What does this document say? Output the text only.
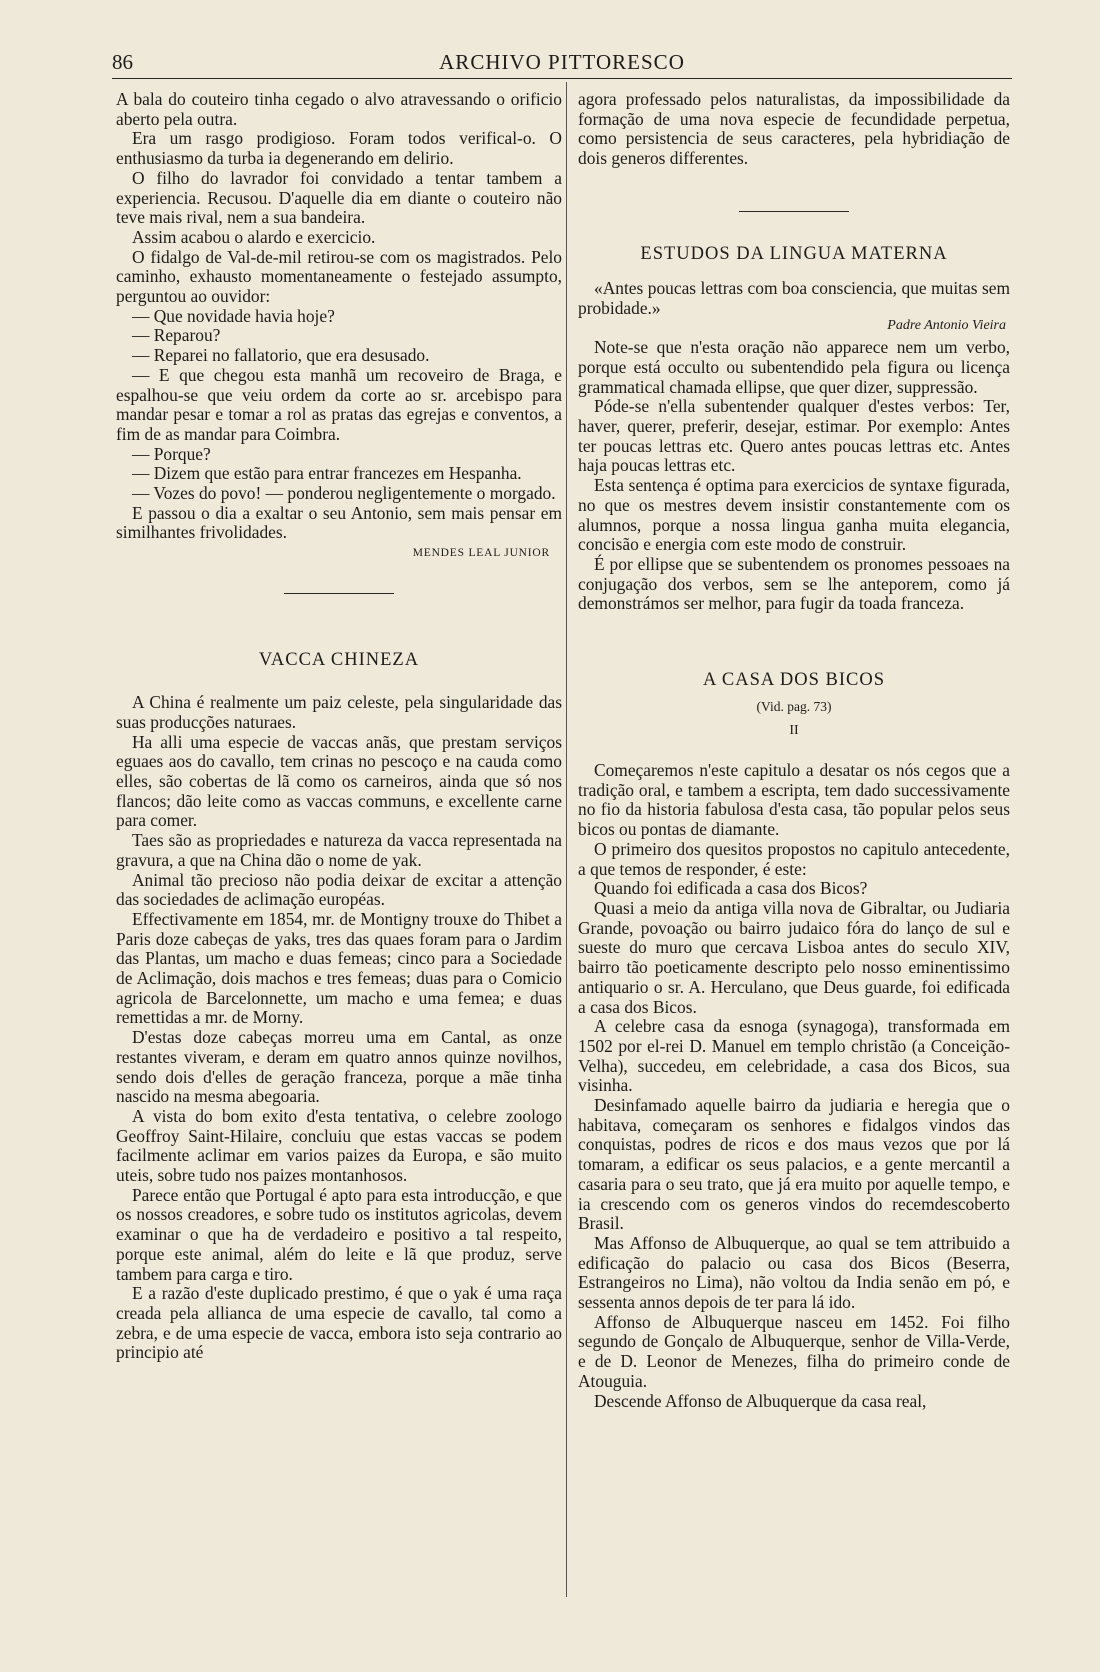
86	ARCHIVO PITTORESCO

A bala do couteiro tinha cegado o alvo atravessando o orificio aberto pela outra.

Era um rasgo prodigioso. Foram todos verifical-o. O enthusiasmo da turba ia degenerando em delirio.

O filho do lavrador foi convidado a tentar tambem a experiencia. Recusou. D'aquelle dia em diante o couteiro não teve mais rival, nem a sua bandeira.

Assim acabou o alardo e exercicio.

O fidalgo de Val-de-mil retirou-se com os magistrados. Pelo caminho, exhausto momentaneamente o festejado assumpto, perguntou ao ouvidor:

— Que novidade havia hoje?

— Reparou?

— Reparei no fallatorio, que era desusado.

— E que chegou esta manhã um recoveiro de Braga, e espalhou-se que veiu ordem da corte ao sr. arcebispo para mandar pesar e tomar a rol as pratas das egrejas e conventos, a fim de as mandar para Coimbra.

— Porque?

— Dizem que estão para entrar francezes em Hespanha.

— Vozes do povo! — ponderou negligentemente o morgado.

E passou o dia a exaltar o seu Antonio, sem mais pensar em similhantes frivolidades.

MENDES LEAL JUNIOR
VACCA CHINEZA

A China é realmente um paiz celeste, pela singularidade das suas producções naturaes.

Ha alli uma especie de vaccas anãs, que prestam serviços eguaes aos do cavallo, tem crinas no pescoço e na cauda como elles, são cobertas de lã como os carneiros, ainda que só nos flancos; dão leite como as vaccas communs, e excellente carne para comer.

Taes são as propriedades e natureza da vacca representada na gravura, a que na China dão o nome de yak.

Animal tão precioso não podia deixar de excitar a attenção das sociedades de aclimação européas.

Effectivamente em 1854, mr. de Montigny trouxe do Thibet a Paris doze cabeças de yaks, tres das quaes foram para o Jardim das Plantas, um macho e duas femeas; cinco para a Sociedade de Aclimação, dois machos e tres femeas; duas para o Comicio agricola de Barcelonnette, um macho e uma femea; e duas remettidas a mr. de Morny.

D'estas doze cabeças morreu uma em Cantal, as onze restantes viveram, e deram em quatro annos quinze novilhos, sendo dois d'elles de geração franceza, porque a mãe tinha nascido na mesma abegoaria.

A vista do bom exito d'esta tentativa, o celebre zoologo Geoffroy Saint-Hilaire, concluiu que estas vaccas se podem facilmente aclimar em varios paizes da Europa, e são muito uteis, sobre tudo nos paizes montanhosos.

Parece então que Portugal é apto para esta introducção, e que os nossos creadores, e sobre tudo os institutos agricolas, devem examinar o que ha de verdadeiro e positivo a tal respeito, porque este animal, além do leite e lã que produz, serve tambem para carga e tiro.

E a razão d'este duplicado prestimo, é que o yak é uma raça creada pela allianca de uma especie de cavallo, tal como a zebra, e de uma especie de vacca, embora isto seja contrario ao principio até

agora professado pelos naturalistas, da impossibilidade da formação de uma nova especie de fecundidade perpetua, como persistencia de seus caracteres, pela hybridiação de dois generos differentes.

ESTUDOS DA LINGUA MATERNA

«Antes poucas lettras com boa consciencia, que muitas sem probidade.»

Padre Antonio Vieira

Note-se que n'esta oração não apparece nem um verbo, porque está occulto ou subentendido pela figura ou licença grammatical chamada ellipse, que quer dizer, suppressão.

Póde-se n'ella subentender qualquer d'estes verbos: Ter, haver, querer, preferir, desejar, estimar. Por exemplo: Antes ter poucas lettras etc. Quero antes poucas lettras etc. Antes haja poucas lettras etc.

Esta sentença é optima para exercicios de syntaxe figurada, no que os mestres devem insistir constantemente com os alumnos, porque a nossa lingua ganha muita elegancia, concisão e energia com este modo de construir.

É por ellipse que se subentendem os pronomes pessoaes na conjugação dos verbos, sem se lhe anteporem, como já demonstrámos ser melhor, para fugir da toada franceza.

A CASA DOS BICOS
(Vid. pag. 73)
II

Começaremos n'este capitulo a desatar os nós cegos que a tradição oral, e tambem a escripta, tem dado successivamente no fio da historia fabulosa d'esta casa, tão popular pelos seus bicos ou pontas de diamante.

O primeiro dos quesitos propostos no capitulo antecedente, a que temos de responder, é este:

Quando foi edificada a casa dos Bicos?

Quasi a meio da antiga villa nova de Gibraltar, ou Judiaria Grande, povoação ou bairro judaico fóra do lanço de sul e sueste do muro que cercava Lisboa antes do seculo XIV, bairro tão poeticamente descripto pelo nosso eminentissimo antiquario o sr. A. Herculano, que Deus guarde, foi edificada a casa dos Bicos.

A celebre casa da esnoga (synagoga), transformada em 1502 por el-rei D. Manuel em templo christão (a Conceição-Velha), succedeu, em celebridade, a casa dos Bicos, sua visinha.

Desinfamado aquelle bairro da judiaria e heregia que o habitava, começaram os senhores e fidalgos vindos das conquistas, podres de ricos e dos maus vezos que por lá tomaram, a edificar os seus palacios, e a gente mercantil a casaria para o seu trato, que já era muito por aquelle tempo, e ia crescendo com os generos vindos do recemdescoberto Brasil.

Mas Affonso de Albuquerque, ao qual se tem attribuido a edificação do palacio ou casa dos Bicos (Beserra, Estrangeiros no Lima), não voltou da India senão em pó, e sessenta annos depois de ter para lá ido.

Affonso de Albuquerque nasceu em 1452. Foi filho segundo de Gonçalo de Albuquerque, senhor de Villa-Verde, e de D. Leonor de Menezes, filha do primeiro conde de Atouguia.

Descende Affonso de Albuquerque da casa real,
